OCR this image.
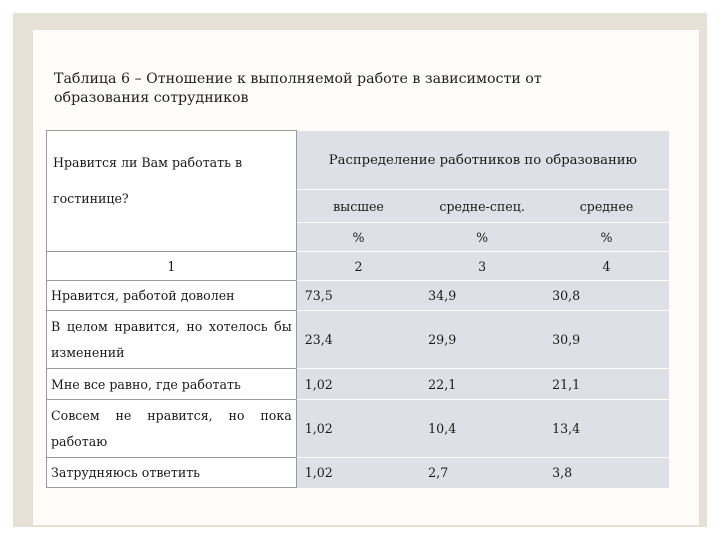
Таблица 6 – Отношение к выполняемой работе в зависимости от
образования сотрудников
Нравится ли Вам работать в
гостинице?	Распределение работников по образованию		
	высшее	средне-спец.	среднее
	%	%	%
1	2	3	4

Нравится, работой доволен	73,5	34,9	30,8

В целом нравится, но хотелось бы
изменений	23,4	29,9	30,9

Мне все равно, где работать	1,02	22,1	21,1

Совсем не нравится, но пока
работаю	1,02	10,4	13,4

Затрудняюсь ответить	1,02	2,7	3,8
